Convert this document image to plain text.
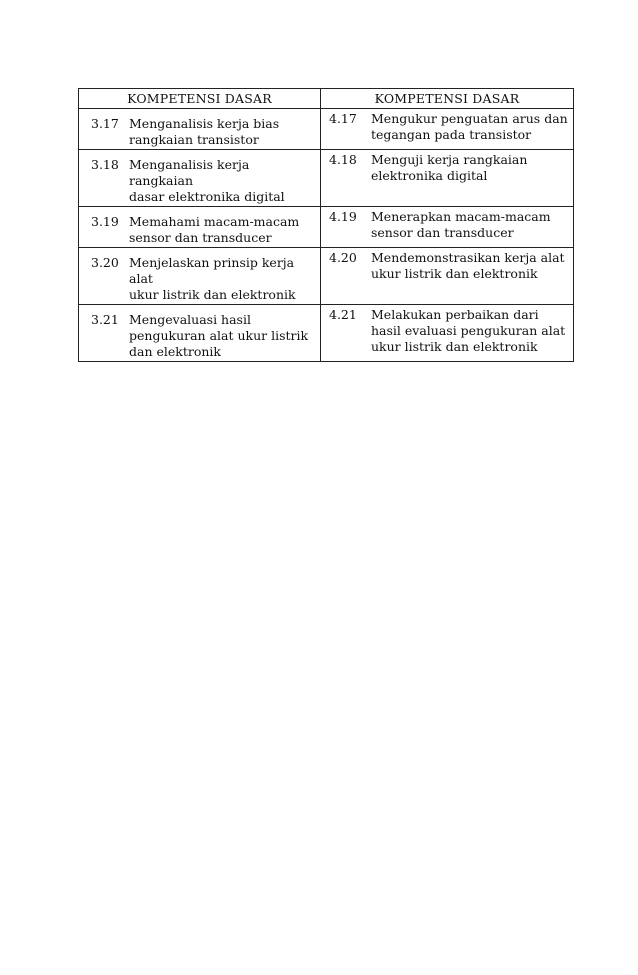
KOMPETENSI DASAR	KOMPETENSI DASAR

3.17 Menganalisis kerja bias
rangkaian transistor	4.17 Mengukur penguatan arus dan
tegangan pada transistor

3.18 Menganalisis kerja rangkaian
dasar elektronika digital	4.18 Menguji kerja rangkaian
elektronika digital

3.19 Memahami macam-macam
sensor dan transducer	4.19 Menerapkan macam-macam
sensor dan transducer

3.20 Menjelaskan prinsip kerja alat
ukur listrik dan elektronik	4.20 Mendemonstrasikan kerja alat
ukur listrik dan elektronik

3.21 Mengevaluasi hasil
pengukuran alat ukur listrik
dan elektronik	4.21 Melakukan perbaikan dari
hasil evaluasi pengukuran alat
ukur listrik dan elektronik
